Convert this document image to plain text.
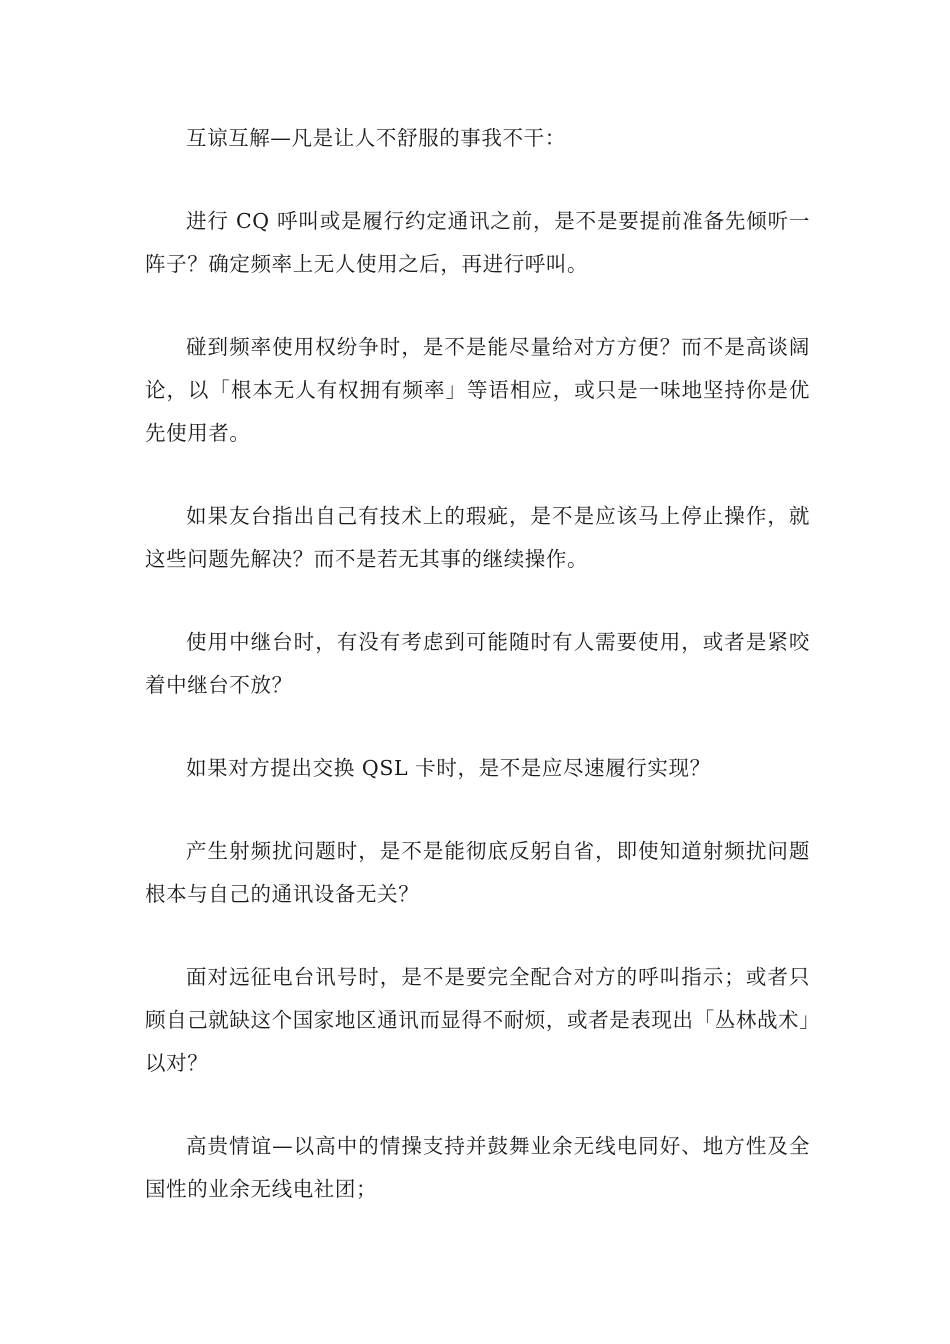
互谅互解—凡是让人不舒服的事我不干：

进行 CQ 呼叫或是履行约定通讯之前，是不是要提前准备先倾听一阵子？确定频率上无人使用之后，再进行呼叫。

碰到频率使用权纷争时，是不是能尽量给对方方便？而不是高谈阔论，以「根本无人有权拥有频率」等语相应，或只是一味地坚持你是优先使用者。

如果友台指出自己有技术上的瑕疵，是不是应该马上停止操作，就这些问题先解决？而不是若无其事的继续操作。

使用中继台时，有没有考虑到可能随时有人需要使用，或者是紧咬着中继台不放？

如果对方提出交换 QSL 卡时，是不是应尽速履行实现？

产生射频扰问题时，是不是能彻底反躬自省，即使知道射频扰问题根本与自己的通讯设备无关？

面对远征电台讯号时，是不是要完全配合对方的呼叫指示；或者只顾自己就缺这个国家地区通讯而显得不耐烦，或者是表现出「丛林战术」以对？

高贵情谊—以高中的情操支持并鼓舞业余无线电同好、地方性及全国性的业余无线电社团；
